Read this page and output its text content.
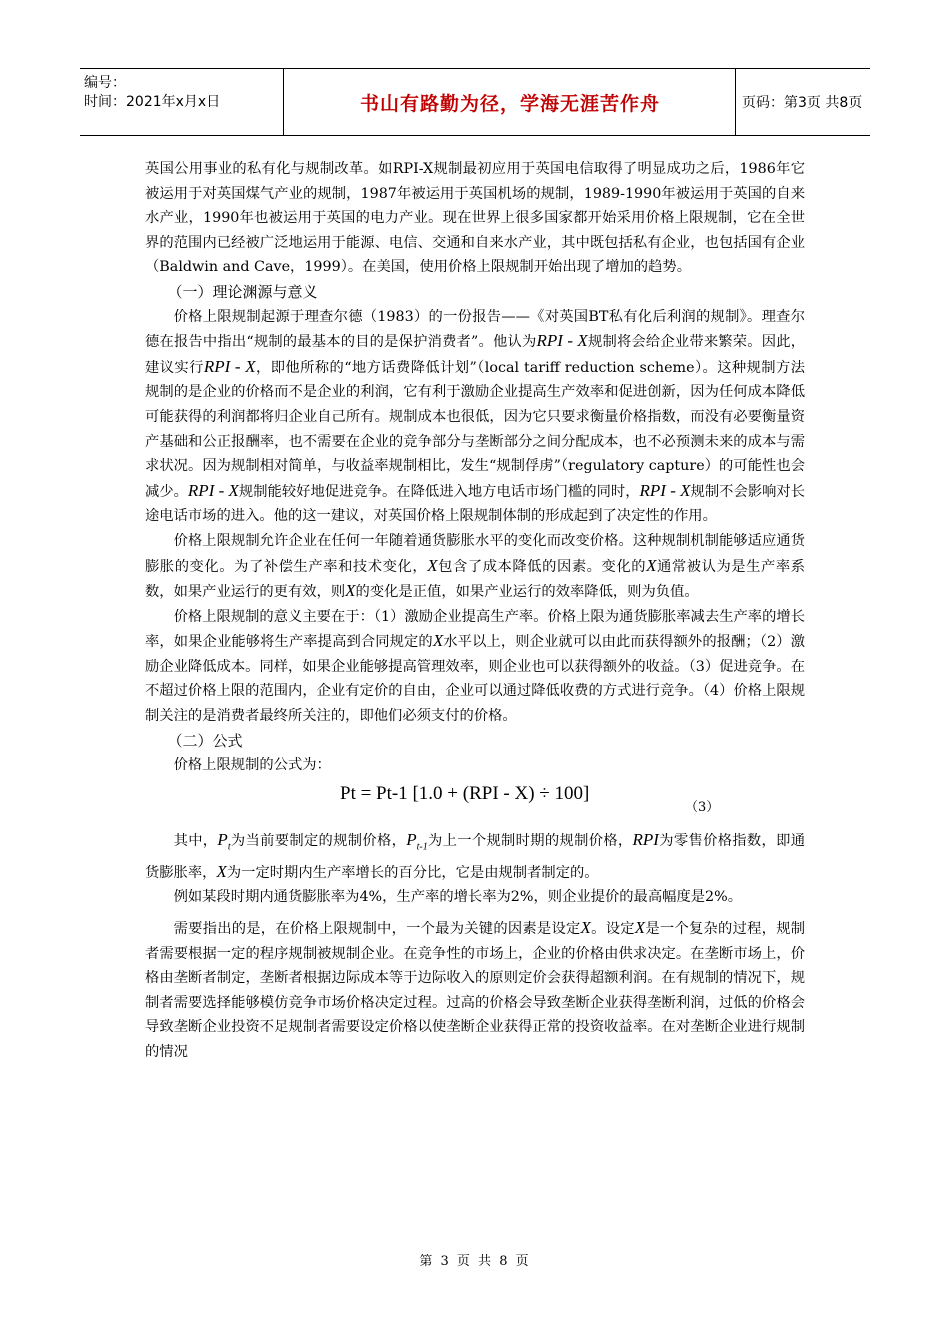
编号：
时间：2021年x月x日	书山有路勤为径，学海无涯苦作舟	页码：第3页 共8页

英国公用事业的私有化与规制改革。如RPI-X规制最初应用于英国电信取得了明显成功之后，1986年它被运用于对英国煤气产业的规制，1987年被运用于英国机场的规制，1989-1990年被运用于英国的自来水产业，1990年也被运用于英国的电力产业。现在世界上很多国家都开始采用价格上限规制，它在全世界的范围内已经被广泛地运用于能源、电信、交通和自来水产业，其中既包括私有企业，也包括国有企业（Baldwin and Cave，1999）。在美国，使用价格上限规制开始出现了增加的趋势。

（一）理论渊源与意义

价格上限规制起源于理查尔德（1983）的一份报告——《对英国BT私有化后利润的规制》。理查尔德在报告中指出“规制的最基本的目的是保护消费者”。他认为RPI - X规制将会给企业带来繁荣。因此，建议实行RPI - X，即他所称的“地方话费降低计划”（local tariff reduction scheme）。这种规制方法规制的是企业的价格而不是企业的利润，它有利于激励企业提高生产效率和促进创新，因为任何成本降低可能获得的利润都将归企业自己所有。规制成本也很低，因为它只要求衡量价格指数，而没有必要衡量资产基础和公正报酬率，也不需要在企业的竞争部分与垄断部分之间分配成本，也不必预测未来的成本与需求状况。因为规制相对简单，与收益率规制相比，发生“规制俘虏”（regulatory capture）的可能性也会减少。RPI - X规制能较好地促进竞争。在降低进入地方电话市场门槛的同时，RPI - X规制不会影响对长途电话市场的进入。他的这一建议，对英国价格上限规制体制的形成起到了决定性的作用。

价格上限规制允许企业在任何一年随着通货膨胀水平的变化而改变价格。这种规制机制能够适应通货膨胀的变化。为了补偿生产率和技术变化，X包含了成本降低的因素。变化的X通常被认为是生产率系数，如果产业运行的更有效，则X的变化是正值，如果产业运行的效率降低，则为负值。

价格上限规制的意义主要在于：（1）激励企业提高生产率。价格上限为通货膨胀率减去生产率的增长率，如果企业能够将生产率提高到合同规定的X水平以上，则企业就可以由此而获得额外的报酬；（2）激励企业降低成本。同样，如果企业能够提高管理效率，则企业也可以获得额外的收益。（3）促进竞争。在不超过价格上限的范围内，企业有定价的自由，企业可以通过降低收费的方式进行竞争。（4）价格上限规制关注的是消费者最终所关注的，即他们必须支付的价格。

（二）公式

价格上限规制的公式为：

Pt = Pt-1 [1.0 + (RPI - X) ÷ 100]
（3）

其中，$P_t$为当前要制定的规制价格，$P_{t-1}$为上一个规制时期的规制价格，RPI为零售价格指数，即通货膨胀率，X为一定时期内生产率增长的百分比，它是由规制者制定的。

例如某段时期内通货膨胀率为4%，生产率的增长率为2%，则企业提价的最高幅度是2%。

需要指出的是，在价格上限规制中，一个最为关键的因素是设定X。设定X是一个复杂的过程，规制者需要根据一定的程序规制被规制企业。在竞争性的市场上，企业的价格由供求决定。在垄断市场上，价格由垄断者制定，垄断者根据边际成本等于边际收入的原则定价会获得超额利润。在有规制的情况下，规制者需要选择能够模仿竞争市场价格决定过程。过高的价格会导致垄断企业获得垄断利润，过低的价格会导致垄断企业投资不足规制者需要设定价格以使垄断企业获得正常的投资收益率。在对垄断企业进行规制的情况

第 3 页 共 8 页
